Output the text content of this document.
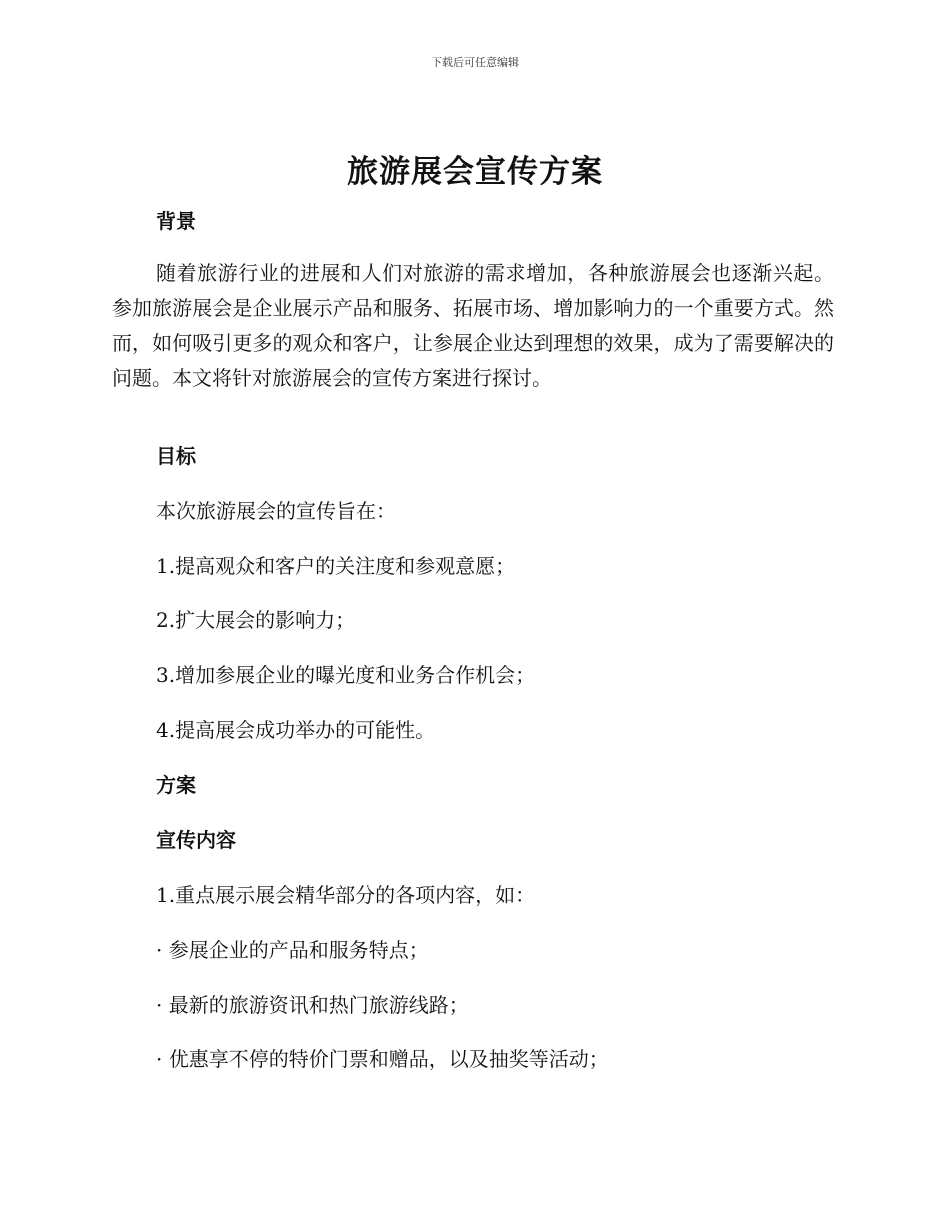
下载后可任意编辑
旅游展会宣传方案
背景
随着旅游行业的进展和人们对旅游的需求增加，各种旅游展会也逐渐兴起。参加旅游展会是企业展示产品和服务、拓展市场、增加影响力的一个重要方式。然而，如何吸引更多的观众和客户，让参展企业达到理想的效果，成为了需要解决的问题。本文将针对旅游展会的宣传方案进行探讨。
目标
本次旅游展会的宣传旨在：
1.提高观众和客户的关注度和参观意愿；
2.扩大展会的影响力；
3.增加参展企业的曝光度和业务合作机会；
4.提高展会成功举办的可能性。
方案
宣传内容
1.重点展示展会精华部分的各项内容，如：
· 参展企业的产品和服务特点；
· 最新的旅游资讯和热门旅游线路；
· 优惠享不停的特价门票和赠品，以及抽奖等活动；
